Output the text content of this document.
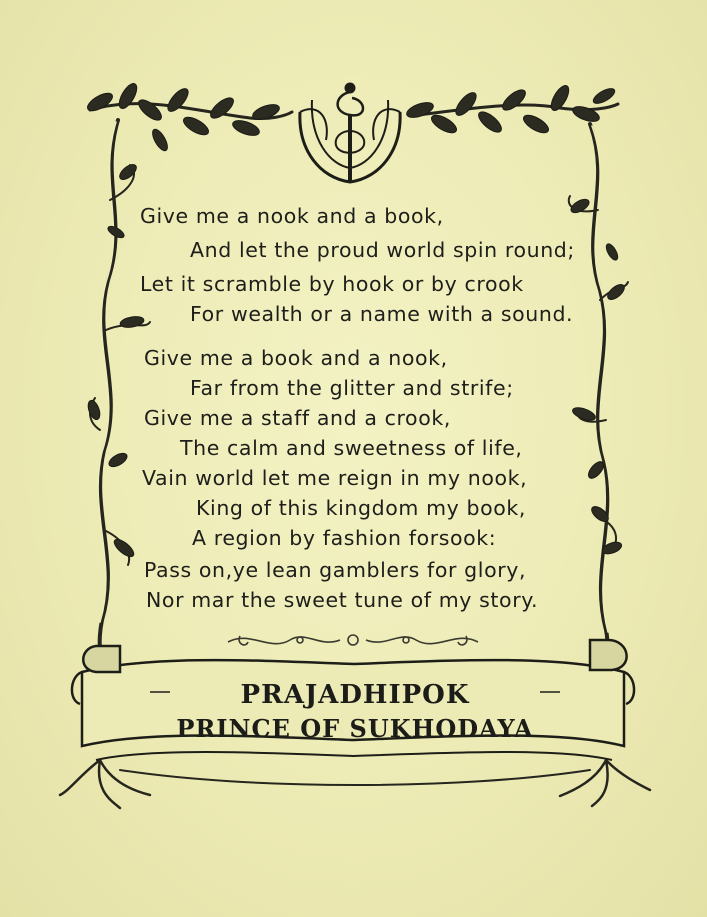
Give me a nook and a book,
And let the proud world spin round;
Let it scramble by hook or by crook
For wealth or a name with a sound.
Give me a book and a nook,
Far from the glitter and strife;
Give me a staff and a crook,
The calm and sweetness of life,
Vain world let me reign in my nook,
King of this kingdom my book,
A region by fashion forsook:
Pass on,ye lean gamblers for glory,
Nor mar the sweet tune of my story.
PRAJADHIPOK
PRINCE OF SUKHODAYA
